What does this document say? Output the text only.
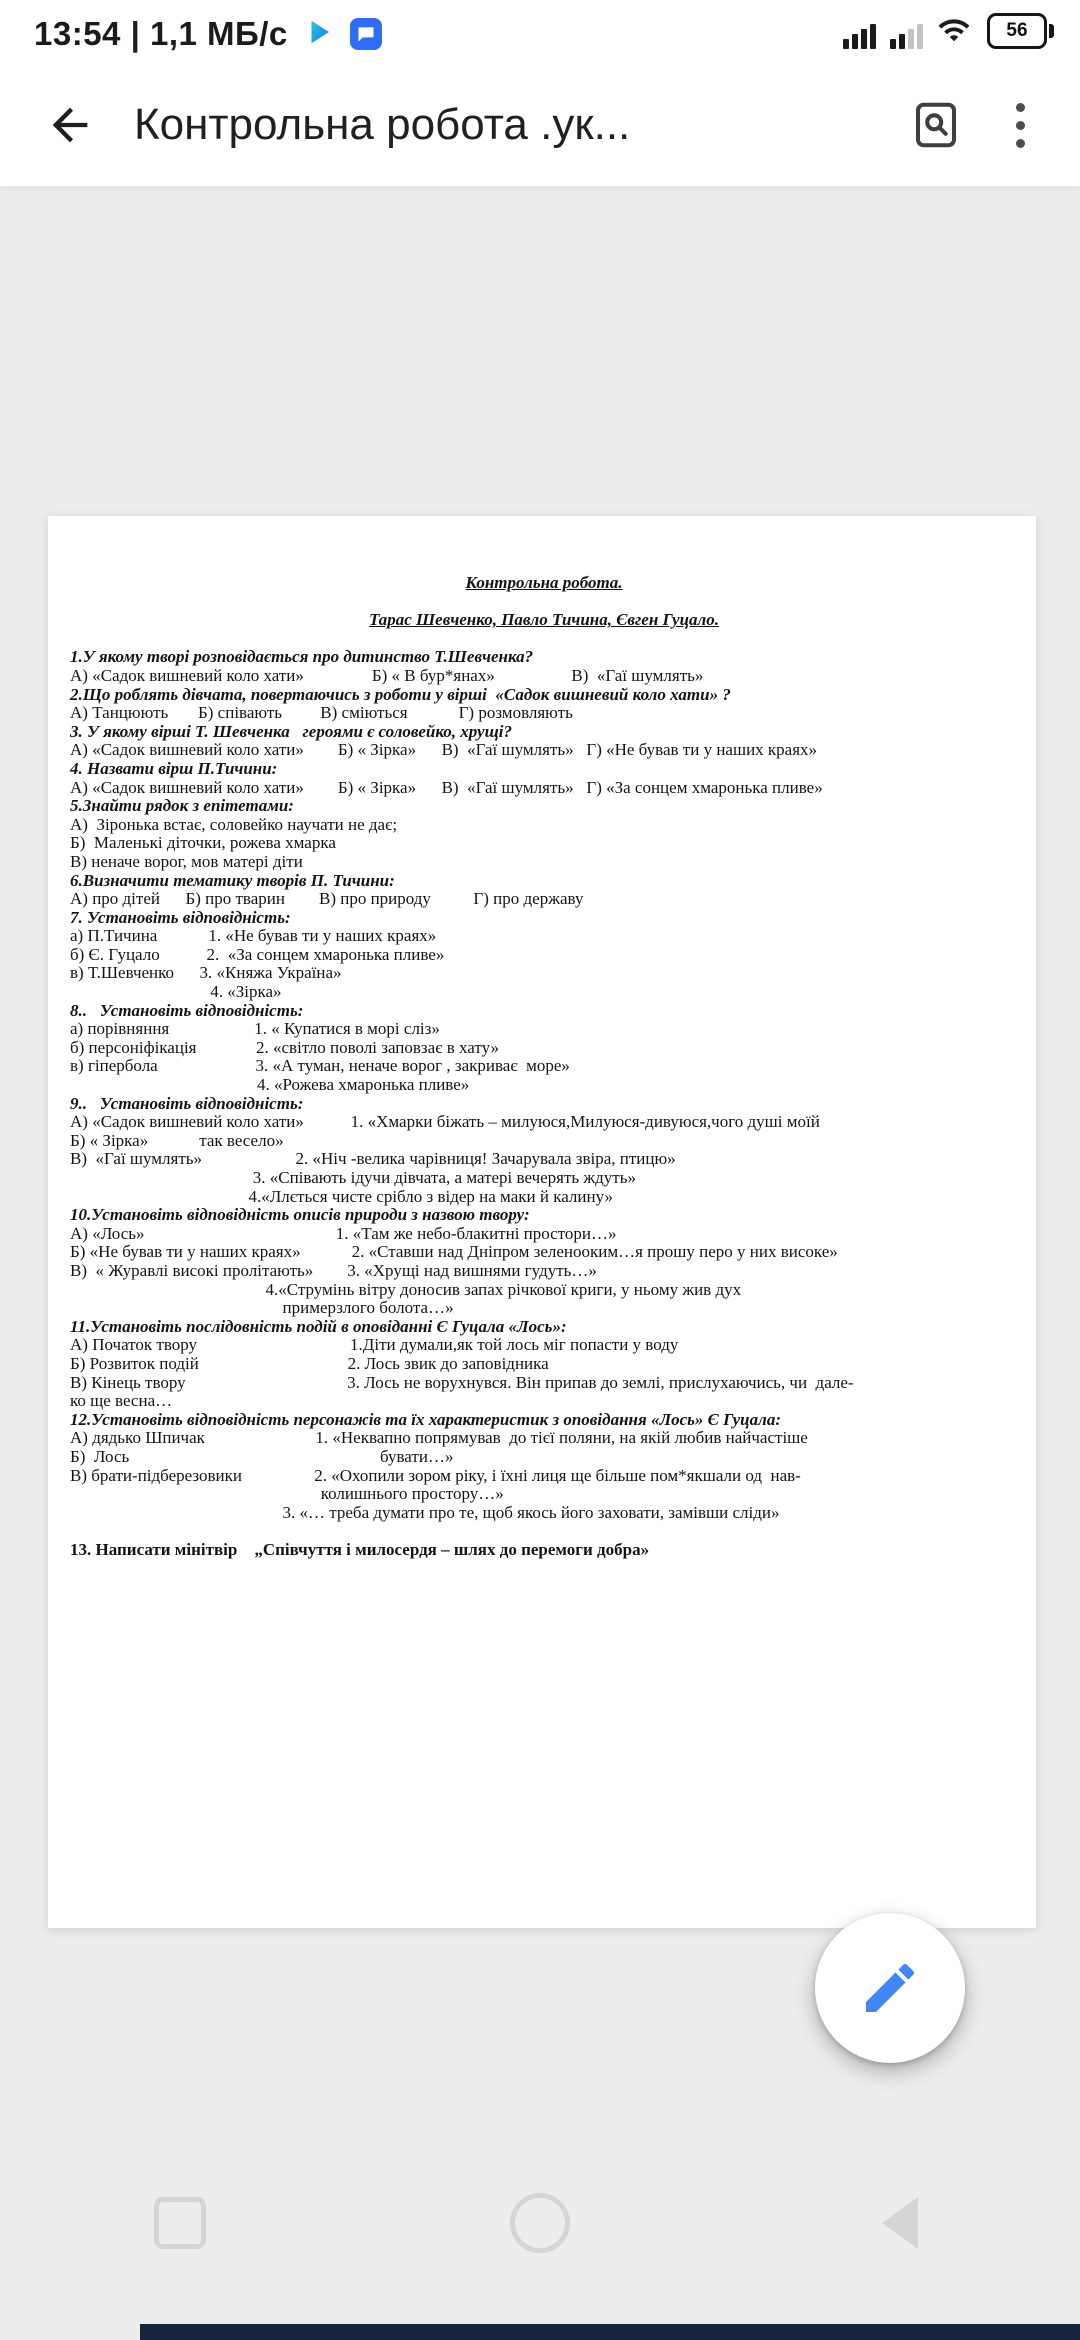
13:54 | 1,1 МБ/с	56
Контрольна робота .ук...
Контрольна робота.

Тарас Шевченко, Павло Тичина, Євген Гуцало.

1.У якому творі розповідається про дитинство Т.Шевченка?
А) «Садок вишневий коло хати»                Б) « В бур*янах»                  В)  «Гаї шумлять»
2.Що роблять дівчата, повертаючись з роботи у вірші  «Садок вишневий коло хати» ?
А) Танцюють       Б) співають         В) сміються            Г) розмовляють
3. У якому вірші Т. Шевченка   героями є соловейко, хрущі?
А) «Садок вишневий коло хати»        Б) « Зірка»      В)  «Гаї шумлять»   Г) «Не бував ти у наших краях»
4. Назвати вірш П.Тичини:
А) «Садок вишневий коло хати»        Б) « Зірка»      В)  «Гаї шумлять»   Г) «За сонцем хмаронька пливе»
5.Знайти рядок з епітетами:
А)  Зіронька встає, соловейко научати не дає;
Б)  Маленькі діточки, рожева хмарка
В) неначе ворог, мов матері діти
6.Визначити тематику творів П. Тичини:
А) про дітей      Б) про тварин        В) про природу          Г) про державу
7. Установіть відповідність:
а) П.Тичина            1. «Не бував ти у наших краях»
б) Є. Гуцало           2.  «За сонцем хмаронька пливе»
в) Т.Шевченко      3. «Княжа Україна»
4. «Зірка»
8..   Установіть відповідність:
а) порівняння                    1. « Купатися в морі сліз»
б) персоніфікація              2. «світло поволі заповзає в хату»
в) гіпербола                       3. «А туман, неначе ворог , закриває  море»
4. «Рожева хмаронька пливе»
9..   Установіть відповідність:
А) «Садок вишневий коло хати»           1. «Хмарки біжать – милуюся,Милуюся-дивуюся,чого душі моїй
Б) « Зірка»            так весело»
В)  «Гаї шумлять»                      2. «Ніч -велика чарівниця! Зачарувала звіра, птицю»
3. «Співають ідучи дівчата, а матері вечерять ждуть»
4.«Ллється чисте срібло з відер на маки й калину»
10.Установіть відповідність описів природи з назвою твору:
А) «Лось»                                             1. «Там же небо-блакитні простори…»
Б) «Не бував ти у наших краях»            2. «Ставши над Дніпром зеленооким…я прошу перо у них високе»
В)  « Журавлі високі пролітають»        3. «Хрущі над вишнями гудуть…»
4.«Струмінь вітру доносив запах річкової криги, у ньому жив дух
примерзлого болота…»
11.Установіть послідовність подій в оповіданні Є Гуцала «Лось»:
А) Початок твору                                    1.Діти думали,як той лось міг попасти у воду
Б) Розвиток подій                                   2. Лось звик до заповідника
В) Кінець твору                                      3. Лось не ворухнувся. Він припав до землі, прислухаючись, чи  дале-
ко ще весна…
12.Установіть відповідність персонажів та їх характеристик з оповідання «Лось» Є Гуцала:
А) дядько Шпичак                          1. «Неквапно попрямував  до тієї поляни, на якій любив найчастіше
Б)  Лось                                                           бувати…»
В) брати-підберезовики                 2. «Охопили зором ріку, і їхні лиця ще більше пом*якшали од  нав-
колишнього простору…»
3. «… треба думати про те, щоб якось його заховати, замівши сліди»

13. Написати мінітвір    „Співчуття і милосердя – шлях до перемоги добра»
